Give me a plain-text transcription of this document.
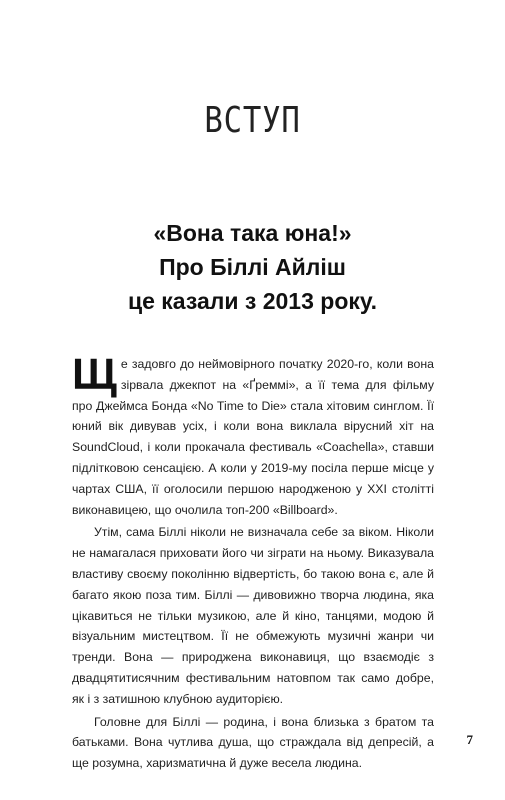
ВСТУП
«Вона така юна!»
Про Біллі Айліш
це казали з 2013 року.

Ще задовго до неймовірного початку 2020-го, коли вона зірвала джекпот на «Ґреммі», а її тема для фільму про Джеймса Бонда «No Time to Die» стала хітовим синглом. Її юний вік дивував усіх, і коли вона виклала вірусний хіт на SoundCloud, і коли прокачала фестиваль «Coachella», ставши підлітковою сенсацією. А коли у 2019-му посіла перше місце у чартах США, її оголосили першою народженою у XXI столітті виконавицею, що очолила топ-200 «Billboard».

Утім, сама Біллі ніколи не визначала себе за віком. Ніколи не намагалася приховати його чи зіграти на ньому. Виказувала властиву своєму поколінню відвертість, бо такою вона є, але й багато якою поза тим. Біллі — дивовижно творча людина, яка цікавиться не тільки музикою, але й кіно, танцями, модою й візуальним мистецтвом. Її не обмежують музичні жанри чи тренди. Вона — природжена виконавиця, що взаємодіє з двадцятитисячним фестивальним натовпом так само добре, як і з затишною клубною аудиторією.

Головне для Біллі — родина, і вона близька з братом та батьками. Вона чутлива душа, що страждала від депресій, а ще розумна, харизматична й дуже весела людина.

7
